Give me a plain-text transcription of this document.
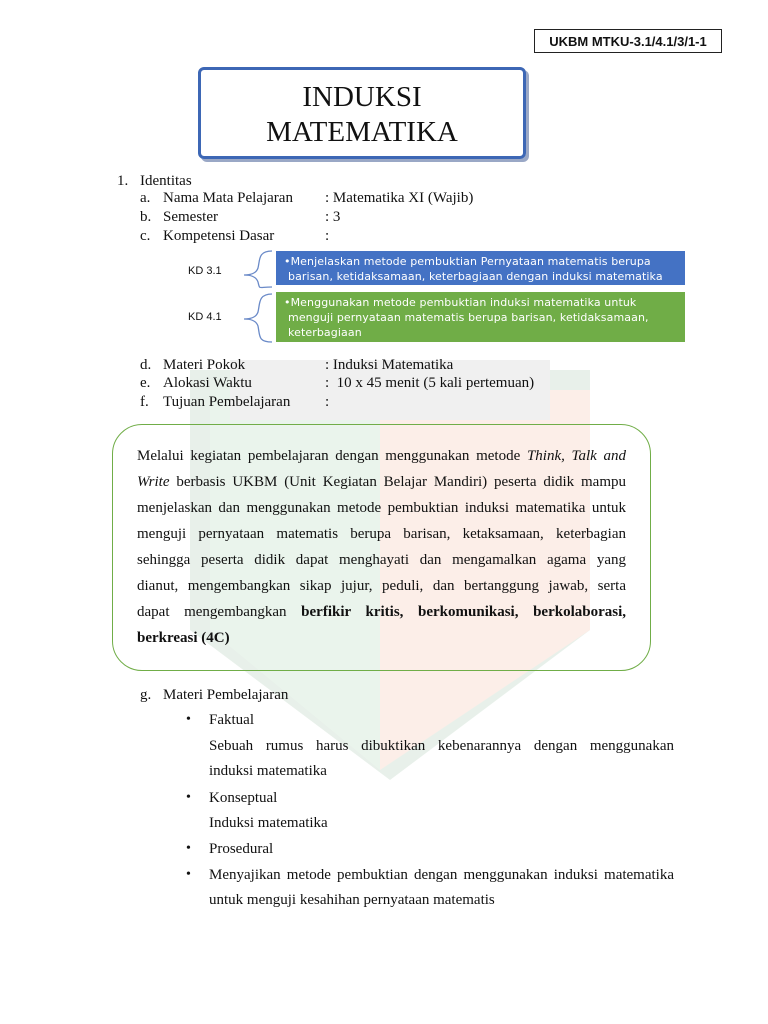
UKBM MTKU-3.1/4.1/3/1-1
INDUKSI
MATEMATIKA
1. Identitas
a. Nama Mata Pelajaran : Matematika XI (Wajib)
b. Semester	: 3
c. Kompetensi Dasar	:
KD 3.1
•Menjelaskan metode pembuktian Pernyataan matematis berupa
barisan, ketidaksamaan, keterbagiaan dengan induksi matematika
KD 4.1
•Menggunakan metode pembuktian induksi matematika untuk
menguji pernyataan matematis berupa barisan, ketidaksamaan,
keterbagiaan
d. Materi Pokok	: Induksi Matematika
e. Alokasi Waktu	:  10 x 45 menit (5 kali pertemuan)
f. Tujuan Pembelajaran :

Melalui kegiatan pembelajaran dengan menggunakan metode Think, Talk and

Write berbasis UKBM (Unit Kegiatan Belajar Mandiri) peserta didik mampu

menjelaskan dan menggunakan metode pembuktian induksi matematika untuk

menguji pernyataan matematis berupa barisan, ketaksamaan, keterbagian

sehingga peserta didik dapat menghayati dan mengamalkan agama yang

dianut, mengembangkan sikap jujur, peduli, dan bertanggung jawab, serta

dapat mengembangkan berfikir kritis, berkomunikasi, berkolaborasi,

berkreasi (4C)

g. Materi Pembelajaran
• Faktual
Sebuah rumus harus dibuktikan kebenarannya dengan menggunakan
induksi matematika
• Konseptual
Induksi matematika
• Prosedural
• Menyajikan metode pembuktian dengan menggunakan induksi matematika
untuk menguji kesahihan pernyataan matematis
